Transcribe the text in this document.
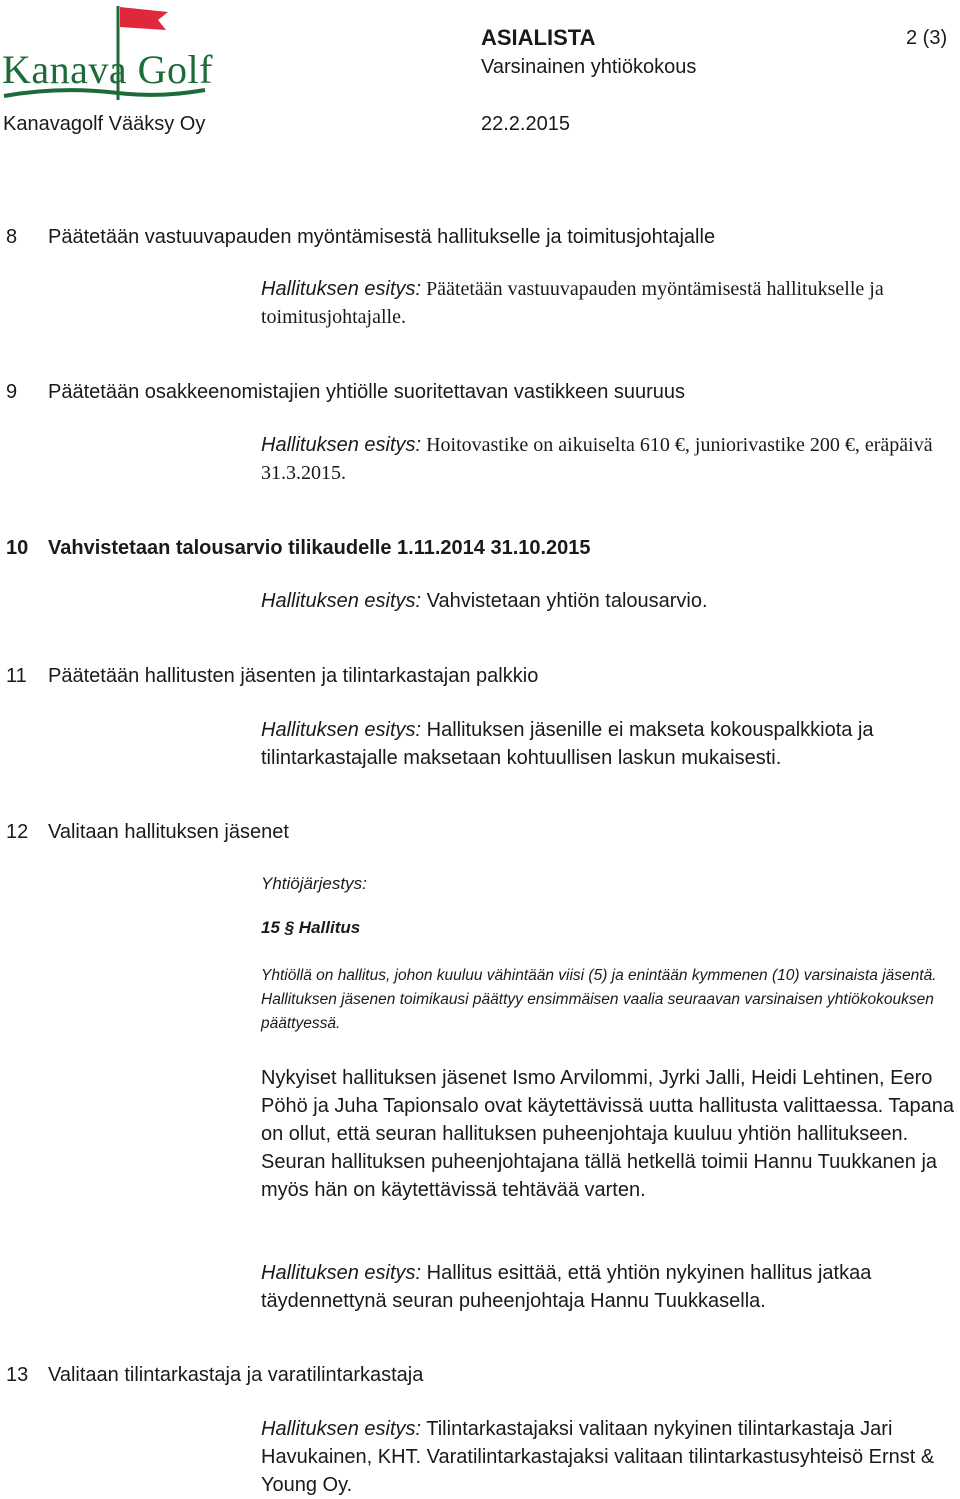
Kanava Golf
ASIALISTA	2 (3)
Varsinainen yhtiökokous
Kanavagolf Vääksy Oy	22.2.2015
8 Päätetään vastuuvapauden myöntämisestä hallitukselle ja toimitusjohtajalle
Hallituksen esitys: Päätetään vastuuvapauden myöntämisestä hallitukselle ja toimitusjohtajalle.
9 Päätetään osakkeenomistajien yhtiölle suoritettavan vastikkeen suuruus
Hallituksen esitys: Hoitovastike on aikuiselta 610 €, juniorivastike 200 €, eräpäivä 31.3.2015.
10 Vahvistetaan talousarvio tilikaudelle 1.11.2014 31.10.2015
Hallituksen esitys: Vahvistetaan yhtiön talousarvio.
11 Päätetään hallitusten jäsenten ja tilintarkastajan palkkio
Hallituksen esitys: Hallituksen jäsenille ei makseta kokouspalkkiota ja tilintarkastajalle maksetaan kohtuullisen laskun mukaisesti.
12 Valitaan hallituksen jäsenet
Yhtiöjärjestys:
15 § Hallitus
Yhtiöllä on hallitus, johon kuuluu vähintään viisi (5) ja enintään kymmenen (10) varsinaista jäsentä. Hallituksen jäsenen toimikausi päättyy ensimmäisen vaalia seuraavan varsinaisen yhtiökokouksen päättyessä.
Nykyiset hallituksen jäsenet Ismo Arvilommi, Jyrki Jalli, Heidi Lehtinen, Eero Pöhö ja Juha Tapionsalo ovat käytettävissä uutta hallitusta valittaessa. Tapana on ollut, että seuran hallituksen puheenjohtaja kuuluu yhtiön hallitukseen. Seuran hallituksen puheenjohtajana tällä hetkellä toimii Hannu Tuukkanen ja myös hän on käytettävissä tehtävää varten.
Hallituksen esitys: Hallitus esittää, että yhtiön nykyinen hallitus jatkaa täydennettynä seuran puheenjohtaja Hannu Tuukkasella.
13 Valitaan tilintarkastaja ja varatilintarkastaja
Hallituksen esitys: Tilintarkastajaksi valitaan nykyinen tilintarkastaja Jari Havukainen, KHT. Varatilintarkastajaksi valitaan tilintarkastusyhteisö Ernst & Young Oy.
